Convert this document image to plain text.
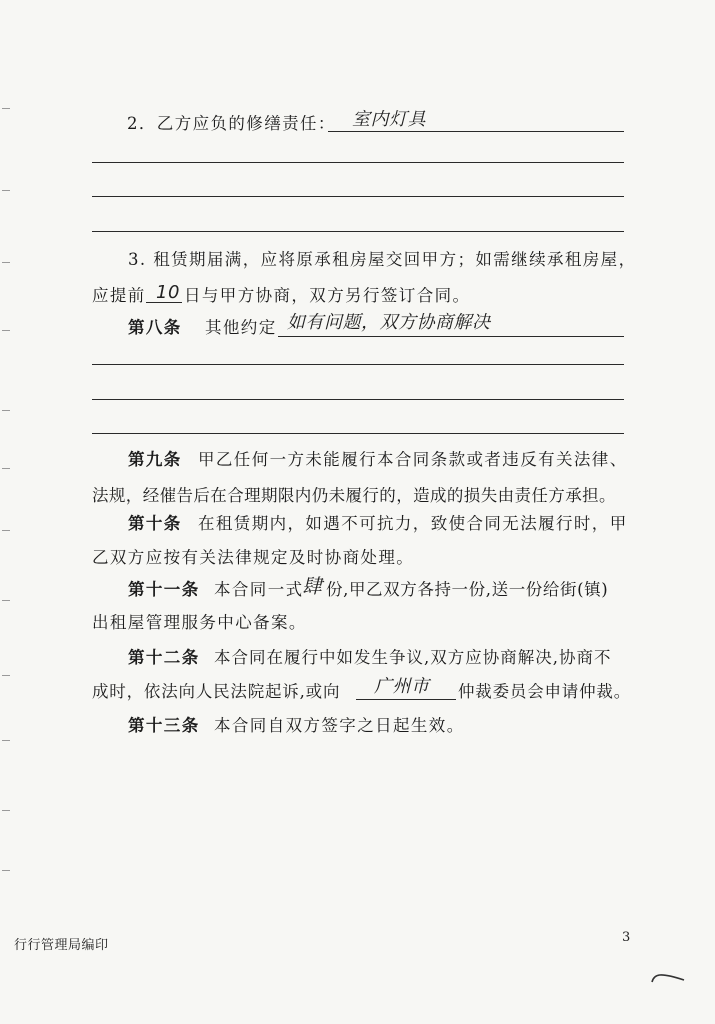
2．乙方应负的修缮责任： 室内灯具
3. 租赁期届满，应将原承租房屋交回甲方；如需继续承租房屋，
应提前 10 日与甲方协商，双方另行签订合同。
第八条 其他约定 如有问题，双方协商解决
第九条 甲乙任何一方未能履行本合同条款或者违反有关法律、
法规，经催告后在合理期限内仍未履行的，造成的损失由责任方承担。
第十条 在租赁期内，如遇不可抗力，致使合同无法履行时，甲
乙双方应按有关法律规定及时协商处理。
第十一条 本合同一式
肆 份,甲乙双方各持一份,送一份给街(镇)
出租屋管理服务中心备案。
第十二条 本合同在履行中如发生争议,双方应协商解决,协商不
成时，依法向人民法院起诉,或向 广州市 仲裁委员会申请仲裁。
第十三条 本合同自双方签字之日起生效。
⾏⾏管理局编印
3
